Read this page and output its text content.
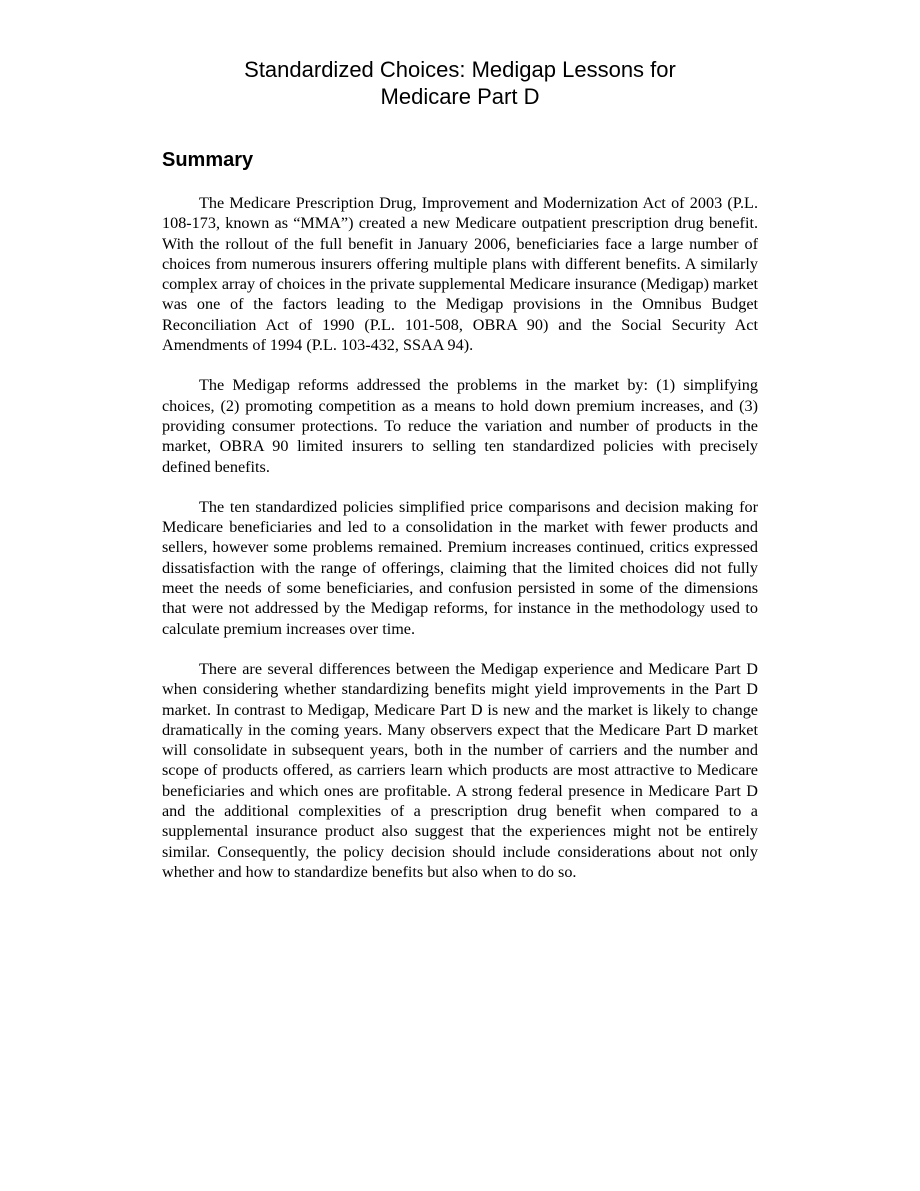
Standardized Choices: Medigap Lessons for
Medicare Part D
Summary

The Medicare Prescription Drug, Improvement and Modernization Act of 2003 (P.L. 108-173, known as “MMA”) created a new Medicare outpatient prescription drug benefit. With the rollout of the full benefit in January 2006, beneficiaries face a large number of choices from numerous insurers offering multiple plans with different benefits. A similarly complex array of choices in the private supplemental Medicare insurance (Medigap) market was one of the factors leading to the Medigap provisions in the Omnibus Budget Reconciliation Act of 1990 (P.L. 101-508, OBRA 90) and the Social Security Act Amendments of 1994 (P.L. 103-432, SSAA 94).

The Medigap reforms addressed the problems in the market by: (1) simplifying choices, (2) promoting competition as a means to hold down premium increases, and (3) providing consumer protections. To reduce the variation and number of products in the market, OBRA 90 limited insurers to selling ten standardized policies with precisely defined benefits.

The ten standardized policies simplified price comparisons and decision making for Medicare beneficiaries and led to a consolidation in the market with fewer products and sellers, however some problems remained. Premium increases continued, critics expressed dissatisfaction with the range of offerings, claiming that the limited choices did not fully meet the needs of some beneficiaries, and confusion persisted in some of the dimensions that were not addressed by the Medigap reforms, for instance in the methodology used to calculate premium increases over time.

There are several differences between the Medigap experience and Medicare Part D when considering whether standardizing benefits might yield improvements in the Part D market. In contrast to Medigap, Medicare Part D is new and the market is likely to change dramatically in the coming years. Many observers expect that the Medicare Part D market will consolidate in subsequent years, both in the number of carriers and the number and scope of products offered, as carriers learn which products are most attractive to Medicare beneficiaries and which ones are profitable. A strong federal presence in Medicare Part D and the additional complexities of a prescription drug benefit when compared to a supplemental insurance product also suggest that the experiences might not be entirely similar. Consequently, the policy decision should include considerations about not only whether and how to standardize benefits but also when to do so.
